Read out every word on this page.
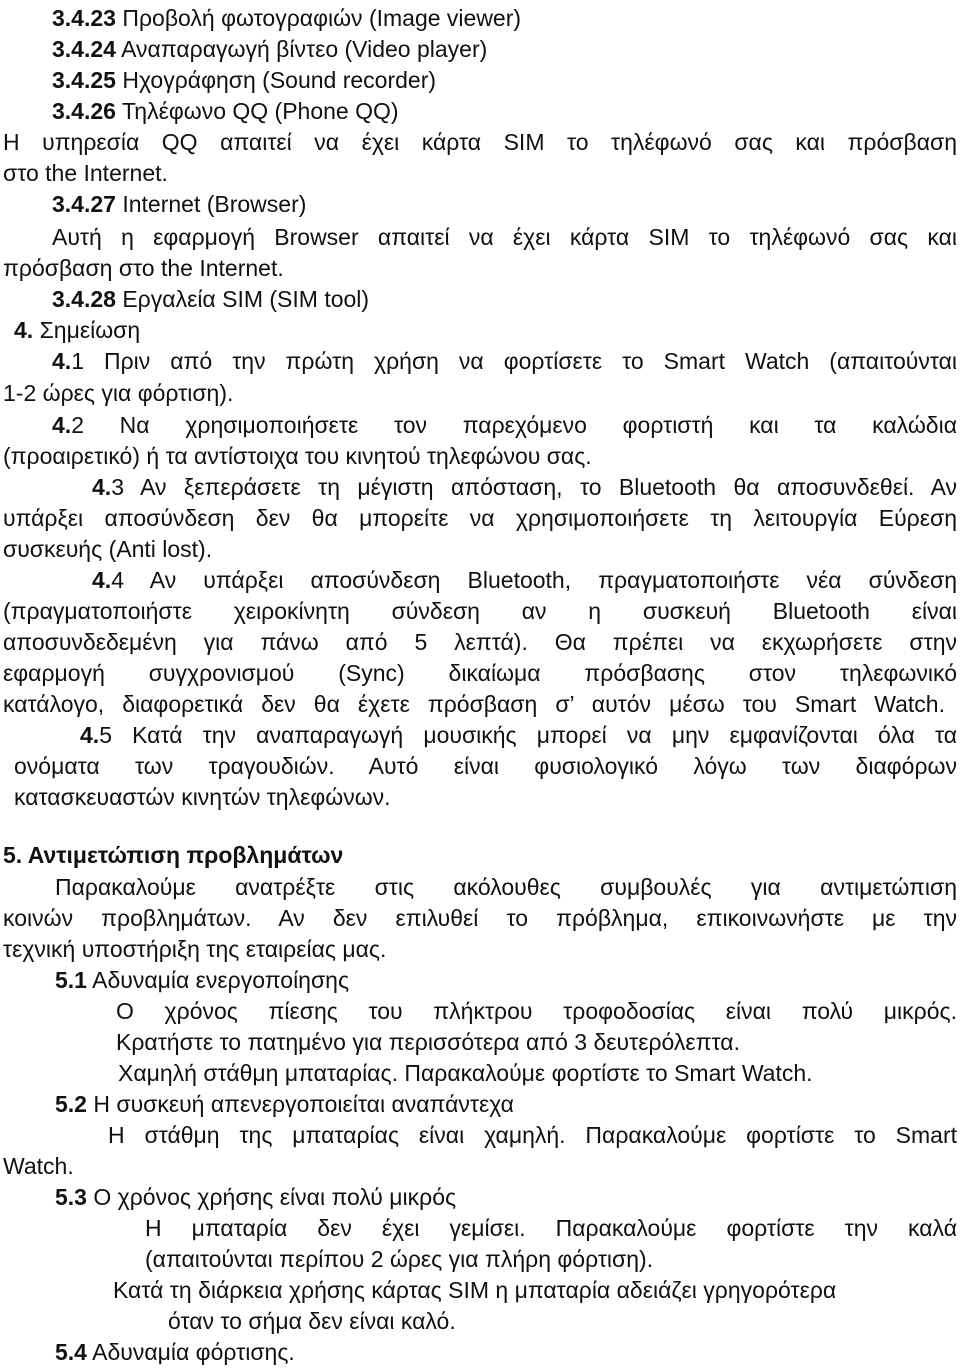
3.4.23 Προβολή φωτογραφιών (Image viewer)
3.4.24 Αναπαραγωγή βίντεο (Video player)
3.4.25 Ηχογράφηση (Sound recorder)
3.4.26 Τηλέφωνο QQ (Phone QQ)
Η υπηρεσία QQ απαιτεί να έχει κάρτα SIM το τηλέφωνό σας και πρόσβαση
στο the Internet.
3.4.27 Internet (Browser)
Αυτή η εφαρμογή Browser απαιτεί να έχει κάρτα SIM το τηλέφωνό σας και
πρόσβαση στο the Internet.
3.4.28 Εργαλεία SIM (SIM tool)
4. Σημείωση
4.1 Πριν από την πρώτη χρήση να φορτίσετε το Smart Watch (απαιτούνται
1-2 ώρες για φόρτιση).
4.2 Να χρησιμοποιήσετε τον παρεχόμενο φορτιστή και τα καλώδια
(προαιρετικό) ή τα αντίστοιχα του κινητού τηλεφώνου σας.
4.3 Αν ξεπεράσετε τη μέγιστη απόσταση, το Bluetooth θα αποσυνδεθεί. Αν
υπάρξει αποσύνδεση δεν θα μπορείτε να χρησιμοποιήσετε τη λειτουργία Εύρεση
συσκευής (Anti lost).
4.4 Αν υπάρξει αποσύνδεση Bluetooth, πραγματοποιήστε νέα σύνδεση
(πραγματοποιήστε χειροκίνητη σύνδεση αν η συσκευή Bluetooth είναι
αποσυνδεδεμένη για πάνω από 5 λεπτά). Θα πρέπει να εκχωρήσετε στην
εφαρμογή συγχρονισμού (Sync) δικαίωμα πρόσβασης στον τηλεφωνικό
κατάλογο, διαφορετικά δεν θα έχετε πρόσβαση σ’ αυτόν μέσω του Smart Watch.
4.5 Κατά την αναπαραγωγή μουσικής μπορεί να μην εμφανίζονται όλα τα
ονόματα των τραγουδιών. Αυτό είναι φυσιολογικό λόγω των διαφόρων
κατασκευαστών κινητών τηλεφώνων.
5. Αντιμετώπιση προβλημάτων
Παρακαλούμε ανατρέξτε στις ακόλουθες συμβουλές για αντιμετώπιση
κοινών προβλημάτων. Αν δεν επιλυθεί το πρόβλημα, επικοινωνήστε με την
τεχνική υποστήριξη της εταιρείας μας.
5.1 Αδυναμία ενεργοποίησης
Ο χρόνος πίεσης του πλήκτρου τροφοδοσίας είναι πολύ μικρός.
Κρατήστε το πατημένο για περισσότερα από 3 δευτερόλεπτα.
Χαμηλή στάθμη μπαταρίας. Παρακαλούμε φορτίστε το Smart Watch.
5.2 Η συσκευή απενεργοποιείται αναπάντεχα
Η στάθμη της μπαταρίας είναι χαμηλή. Παρακαλούμε φορτίστε το Smart
Watch.
5.3 Ο χρόνος χρήσης είναι πολύ μικρός
Η μπαταρία δεν έχει γεμίσει. Παρακαλούμε φορτίστε την καλά
(απαιτούνται περίπου 2 ώρες για πλήρη φόρτιση).
Κατά τη διάρκεια χρήσης κάρτας SIM η μπαταρία αδειάζει γρηγορότερα
όταν το σήμα δεν είναι καλό.
5.4 Αδυναμία φόρτισης.
